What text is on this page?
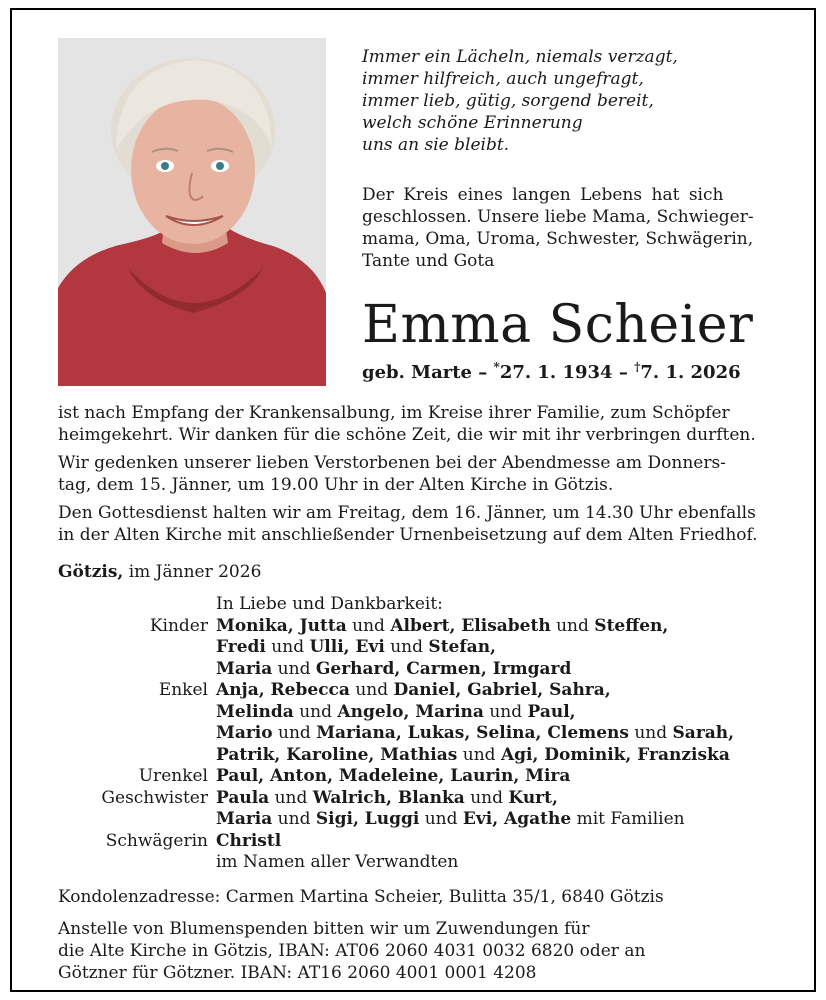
Immer ein Lächeln, niemals verzagt,
immer hilfreich, auch ungefragt,
immer lieb, gütig, sorgend bereit,
welch schöne Erinnerung
uns an sie bleibt.
Der Kreis eines langen Lebens hat sich
geschlossen. Unsere liebe Mama, Schwieger-
mama, Oma, Uroma, Schwester, Schwägerin,
Tante und Gota
Emma Scheier
geb. Marte – *27. 1. 1934 – †7. 1. 2026

ist nach Empfang der Krankensalbung, im Kreise ihrer Familie, zum Schöpfer
heimgekehrt. Wir danken für die schöne Zeit, die wir mit ihr verbringen durften.

Wir gedenken unserer lieben Verstorbenen bei der Abendmesse am Donners-
tag, dem 15. Jänner, um 19.00 Uhr in der Alten Kirche in Götzis.

Den Gottesdienst halten wir am Freitag, dem 16. Jänner, um 14.30 Uhr ebenfalls
in der Alten Kirche mit anschließender Urnenbeisetzung auf dem Alten Friedhof.

Götzis, im Jänner 2026
In Liebe und Dankbarkeit:
Kinder Monika, Jutta und Albert, Elisabeth und Steffen,
Fredi und Ulli, Evi und Stefan,
Maria und Gerhard, Carmen, Irmgard
Enkel Anja, Rebecca und Daniel, Gabriel, Sahra,
Melinda und Angelo, Marina und Paul,
Mario und Mariana, Lukas, Selina, Clemens und Sarah,
Patrik, Karoline, Mathias und Agi, Dominik, Franziska
Urenkel Paul, Anton, Madeleine, Laurin, Mira
Geschwister Paula und Walrich, Blanka und Kurt,
Maria und Sigi, Luggi und Evi, Agathe mit Familien
Schwägerin Christl
im Namen aller Verwandten
Kondolenzadresse: Carmen Martina Scheier, Bulitta 35/1, 6840 Götzis
Anstelle von Blumenspenden bitten wir um Zuwendungen für
die Alte Kirche in Götzis, IBAN: AT06 2060 4031 0032 6820 oder an
Götzner für Götzner. IBAN: AT16 2060 4001 0001 4208
